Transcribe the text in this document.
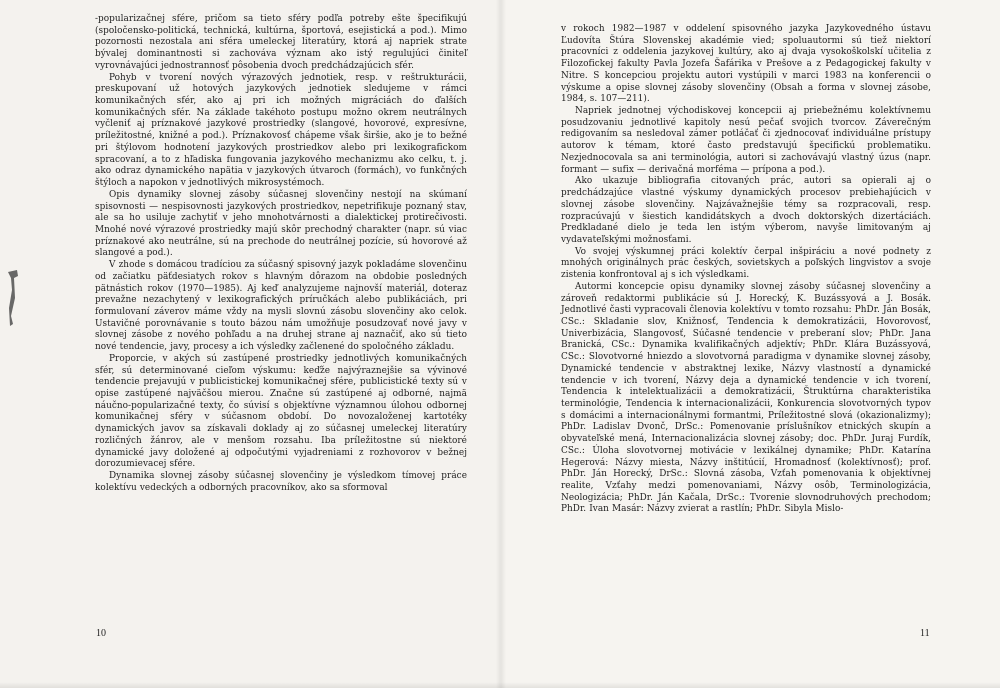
-popularizačnej sfére, pričom sa tieto sféry podľa potreby ešte špecifikujú (spoločensko-politická, technická, kultúrna, športová, esejistická a pod.). Mimo pozornosti nezostala ani sféra umeleckej literatúry, ktorá aj napriek strate bývalej dominantnosti si zachováva význam ako istý regulujúci činiteľ vyrovnávajúci jednostrannosť pôsobenia dvoch predchádzajúcich sfér.

Pohyb v tvorení nových výrazových jednotiek, resp. v reštrukturácii, preskupovaní už hotových jazykových jednotiek sledujeme v rámci komunikačných sfér, ako aj pri ich možných migráciách do ďalších komunikačných sfér. Na základe takéhoto postupu možno okrem neutrálnych vyčleniť aj príznakové jazykové prostriedky (slangové, hovorové, expresívne, príležitostné, knižné a pod.). Príznakovosť chápeme však širšie, ako je to bežné pri štýlovom hodnotení jazykových prostriedkov alebo pri lexikografickom spracovaní, a to z hľadiska fungovania jazykového mechanizmu ako celku, t. j. ako odraz dynamického napätia v jazykových útvaroch (formách), vo funkčných štýloch a napokon v jednotlivých mikrosystémoch.

Opis dynamiky slovnej zásoby súčasnej slovenčiny nestojí na skúmaní spisovnosti — nespisovnosti jazykových prostriedkov, nepetrifikuje poznaný stav, ale sa ho usiluje zachytiť v jeho mnohotvárnosti a dialektickej protirečivosti. Mnohé nové výrazové prostriedky majú skôr prechodný charakter (napr. sú viac príznakové ako neutrálne, sú na prechode do neutrálnej pozície, sú hovorové až slangové a pod.).

V zhode s domácou tradíciou za súčasný spisovný jazyk pokladáme slovenčinu od začiatku päťdesiatych rokov s hlavným dôrazom na obdobie posledných pätnástich rokov (1970—1985). Aj keď analyzujeme najnovší materiál, doteraz prevažne nezachytený v lexikografických príručkách alebo publikáciách, pri formulovaní záverov máme vždy na mysli slovnú zásobu slovenčiny ako celok. Ustavičné porovnávanie s touto bázou nám umožňuje posudzovať nové javy v slovnej zásobe z nového pohľadu a na druhej strane aj naznačiť, ako sú tieto nové tendencie, javy, procesy a ich výsledky začlenené do spoločného základu.

Proporcie, v akých sú zastúpené prostriedky jednotlivých komunikačných sfér, sú determinované cieľom výskumu: keďže najvýraznejšie sa vývinové tendencie prejavujú v publicistickej komunikačnej sfére, publicistické texty sú v opise zastúpené najväčšou mierou. Značne sú zastúpené aj odborné, najmä náučno-popularizačné texty, čo súvisí s objektívne významnou úlohou odbornej komunikačnej sféry v súčasnom období. Do novozaloženej kartotéky dynamických javov sa získavali doklady aj zo súčasnej umeleckej literatúry rozličných žánrov, ale v menšom rozsahu. Iba príležitostne sú niektoré dynamické javy doložené aj odpočutými vyjadreniami z rozhovorov v bežnej dorozumievacej sfére.

Dynamika slovnej zásoby súčasnej slovenčiny je výsledkom tímovej práce kolektívu vedeckých a odborných pracovníkov, ako sa sformoval

10

v rokoch 1982—1987 v oddelení spisovného jazyka Jazykovedného ústavu Ľudovíta Štúra Slovenskej akadémie vied; spoluautormi sú tiež niektorí pracovníci z oddelenia jazykovej kultúry, ako aj dvaja vysokoškolskí učitelia z Filozofickej fakulty Pavla Jozefa Šafárika v Prešove a z Pedagogickej fakulty v Nitre. S koncepciou projektu autori vystúpili v marci 1983 na konferencii o výskume a opise slovnej zásoby slovenčiny (Obsah a forma v slovnej zásobe, 1984, s. 107—211).

Napriek jednotnej východiskovej koncepcii aj priebežnému kolektívnemu posudzovaniu jednotlivé kapitoly nesú pečať svojich tvorcov. Záverečným redigovaním sa nesledoval zámer potláčať či zjednocovať individuálne prístupy autorov k témam, ktoré často predstavujú špecifickú problematiku. Nezjednocovala sa ani terminológia, autori si zachovávajú vlastný úzus (napr. formant — sufix — derivačná morféma — prípona a pod.).

Ako ukazuje bibliografia citovaných prác, autori sa opierali aj o predchádzajúce vlastné výskumy dynamických procesov prebiehajúcich v slovnej zásobe slovenčiny. Najzávažnejšie témy sa rozpracovali, resp. rozpracúvajú v šiestich kandidátskych a dvoch doktorských dizertáciách. Predkladané dielo je teda len istým výberom, navyše limitovaným aj vydavateľskými možnosťami.

Vo svojej výskumnej práci kolektív čerpal inšpiráciu a nové podnety z mnohých originálnych prác českých, sovietskych a poľských lingvistov a svoje zistenia konfrontoval aj s ich výsledkami.

Autormi koncepcie opisu dynamiky slovnej zásoby súčasnej slovenčiny a zároveň redaktormi publikácie sú J. Horecký, K. Buzássyová a J. Bosák. Jednotlivé časti vypracovali členovia kolektívu v tomto rozsahu: PhDr. Ján Bosák, CSc.: Skladanie slov, Knižnosť, Tendencia k demokratizácii, Hovorovosť, Univerbizácia, Slangovosť, Súčasné tendencie v preberaní slov; PhDr. Jana Branická, CSc.: Dynamika kvalifikačných adjektív; PhDr. Klára Buzássyová, CSc.: Slovotvorné hniezdo a slovotvorná paradigma v dynamike slovnej zásoby, Dynamické tendencie v abstraktnej lexike, Názvy vlastností a dynamické tendencie v ich tvorení, Názvy deja a dynamické tendencie v ich tvorení, Tendencia k intelektualizácii a demokratizácii, Štruktúrna charakteristika terminológie, Tendencia k internacionalizácii, Konkurencia slovotvorných typov s domácimi a internacionálnymi formantmi, Príležitostné slová (okazionalizmy); PhDr. Ladislav Dvonč, DrSc.: Pomenovanie príslušníkov etnických skupín a obyvateľské mená, Internacionalizácia slovnej zásoby; doc. PhDr. Juraj Furdík, CSc.: Úloha slovotvornej motivácie v lexikálnej dynamike; PhDr. Katarína Hegerová: Názvy miesta, Názvy inštitúcií, Hromadnosť (kolektívnosť); prof. PhDr. Ján Horecký, DrSc.: Slovná zásoba, Vzťah pomenovania k objektívnej realite, Vzťahy medzi pomenovaniami, Názvy osôb, Terminologizácia, Neologizácia; PhDr. Ján Kačala, DrSc.: Tvorenie slovnodruhových prechodom; PhDr. Ivan Masár: Názvy zvierat a rastlín; PhDr. Sibyla Mislo-

11
